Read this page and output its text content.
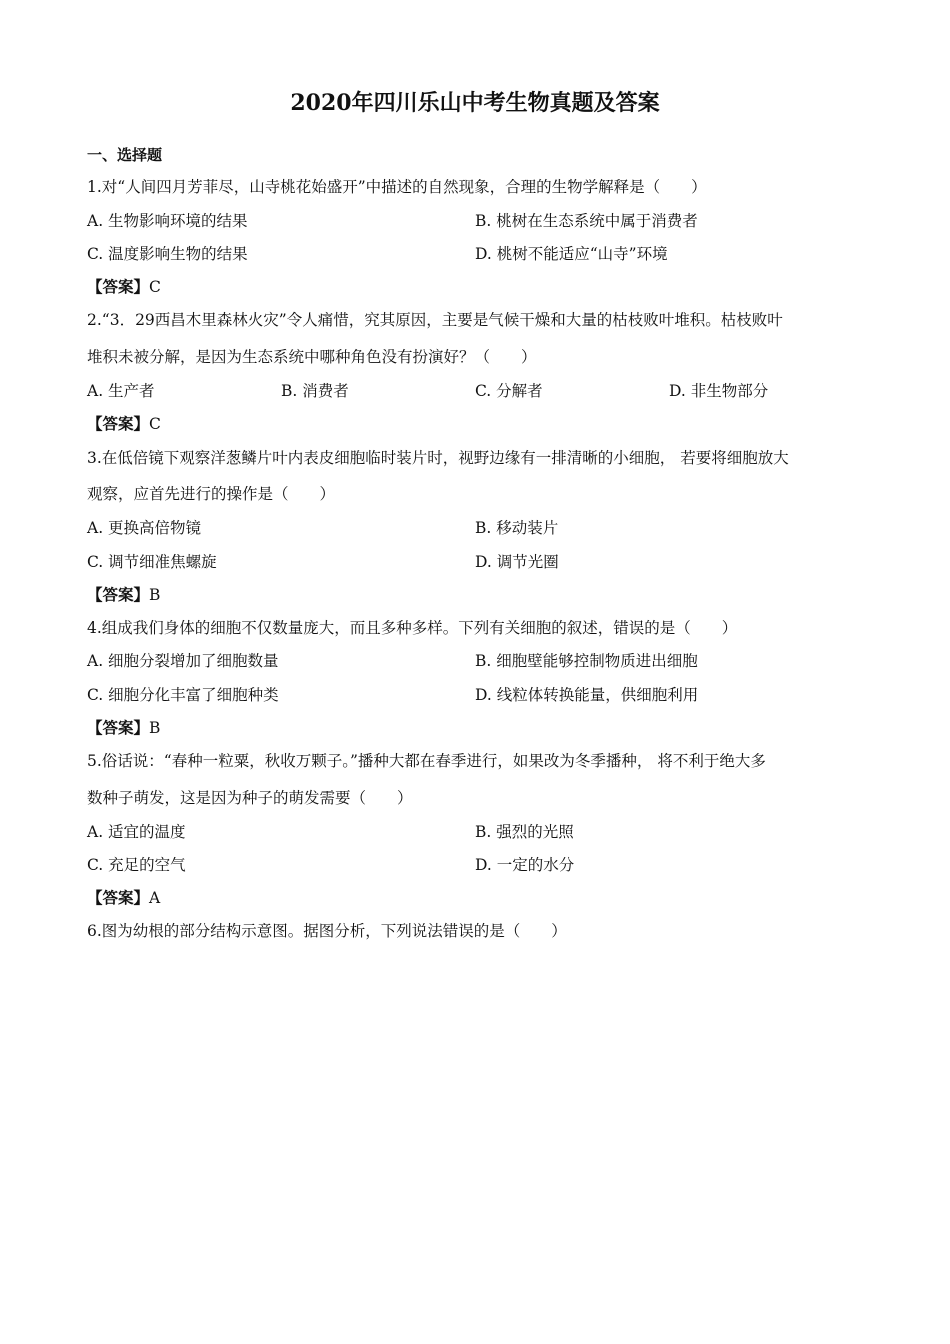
2020年四川乐山中考生物真题及答案
一、选择题
1.对“人间四月芳菲尽，山寺桃花始盛开”中描述的自然现象，合理的生物学解释是（　　）
A. 生物影响环境的结果	B. 桃树在生态系统中属于消费者
C. 温度影响生物的结果	D. 桃树不能适应“山寺”环境
【答案】C
2.“3．29西昌木里森林火灾”令人痛惜，究其原因，主要是气候干燥和大量的枯枝败叶堆积。枯枝败叶
堆积未被分解，是因为生态系统中哪种角色没有扮演好？（　　）
A. 生产者	B. 消费者	C. 分解者	D. 非生物部分
【答案】C
3.在低倍镜下观察洋葱鳞片叶内表皮细胞临时装片时，视野边缘有一排清晰的小细胞， 若要将细胞放大
观察，应首先进行的操作是（　　）
A. 更换高倍物镜	B. 移动装片
C. 调节细准焦螺旋	D. 调节光圈
【答案】B
4.组成我们身体的细胞不仅数量庞大，而且多种多样。下列有关细胞的叙述，错误的是（　　）
A. 细胞分裂增加了细胞数量	B. 细胞壁能够控制物质进出细胞
C. 细胞分化丰富了细胞种类	D. 线粒体转换能量，供细胞利用
【答案】B
5.俗话说：“春种一粒粟，秋收万颗子。”播种大都在春季进行，如果改为冬季播种， 将不利于绝大多
数种子萌发，这是因为种子的萌发需要（　　）
A. 适宜的温度	B. 强烈的光照
C. 充足的空气	D. 一定的水分
【答案】A
6.图为幼根的部分结构示意图。据图分析，下列说法错误的是（　　）
